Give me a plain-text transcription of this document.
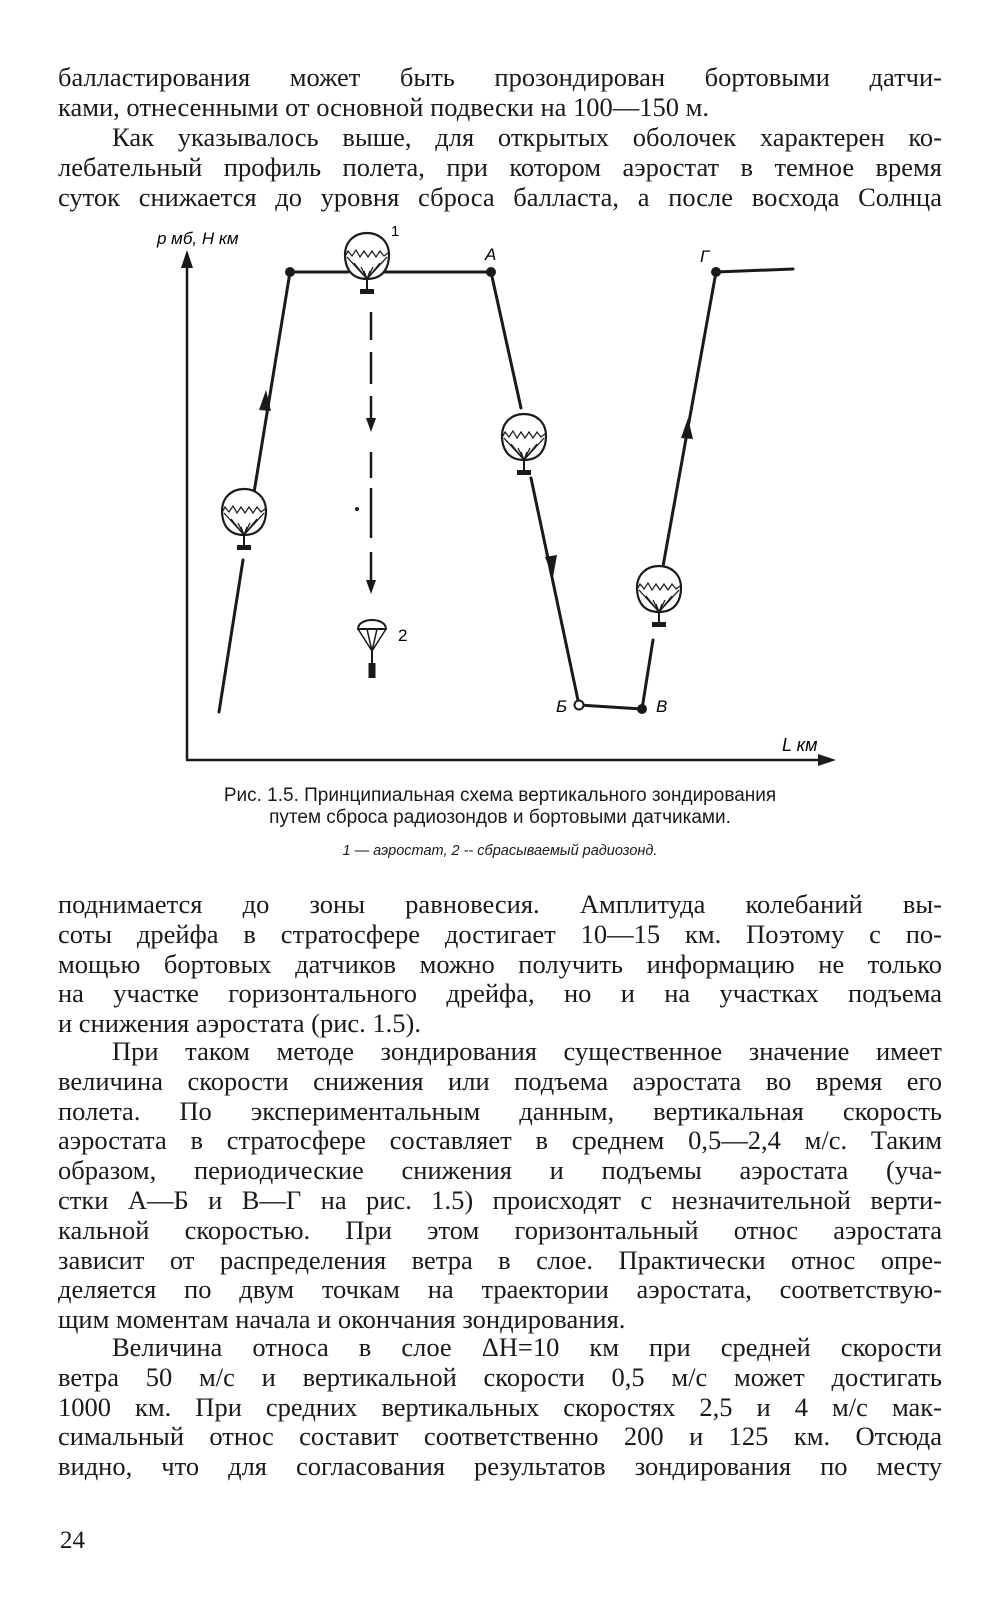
балластирования может быть прозондирован бортовыми датчи-
ками, отнесенными от основной подвески на 100—150 м.
Как указывалось выше, для открытых оболочек характерен ко-
лебательный профиль полета, при котором аэростат в темное время
суток снижается до уровня сброса балласта, а после восхода Солнца
p мб, H км
L км
1
2
А
Б	В
Г
Рис. 1.5. Принципиальная схема вертикального зондирования
путем сброса радиозондов и бортовыми датчиками.
1 — аэростат, 2 -- сбрасываемый радиозонд.
поднимается до зоны равновесия. Амплитуда колебаний вы-
соты дрейфа в стратосфере достигает 10—15 км. Поэтому с по-
мощью бортовых датчиков можно получить информацию не только
на участке горизонтального дрейфа, но и на участках подъема
и снижения аэростата (рис. 1.5).
При таком методе зондирования существенное значение имеет
величина скорости снижения или подъема аэростата во время его
полета. По экспериментальным данным, вертикальная скорость
аэростата в стратосфере составляет в среднем 0,5—2,4 м/с. Таким
образом, периодические снижения и подъемы аэростата (уча-
стки А—Б и В—Г на рис. 1.5) происходят с незначительной верти-
кальной скоростью. При этом горизонтальный относ аэростата
зависит от распределения ветра в слое. Практически относ опре-
деляется по двум точкам на траектории аэростата, соответствую-
щим моментам начала и окончания зондирования.
Величина относа в слое ΔH=10 км при средней скорости
ветра 50 м/с и вертикальной скорости 0,5 м/с может достигать
1000 км. При средних вертикальных скоростях 2,5 и 4 м/с мак-
симальный относ составит соответственно 200 и 125 км. Отсюда
видно, что для согласования результатов зондирования по месту
24
